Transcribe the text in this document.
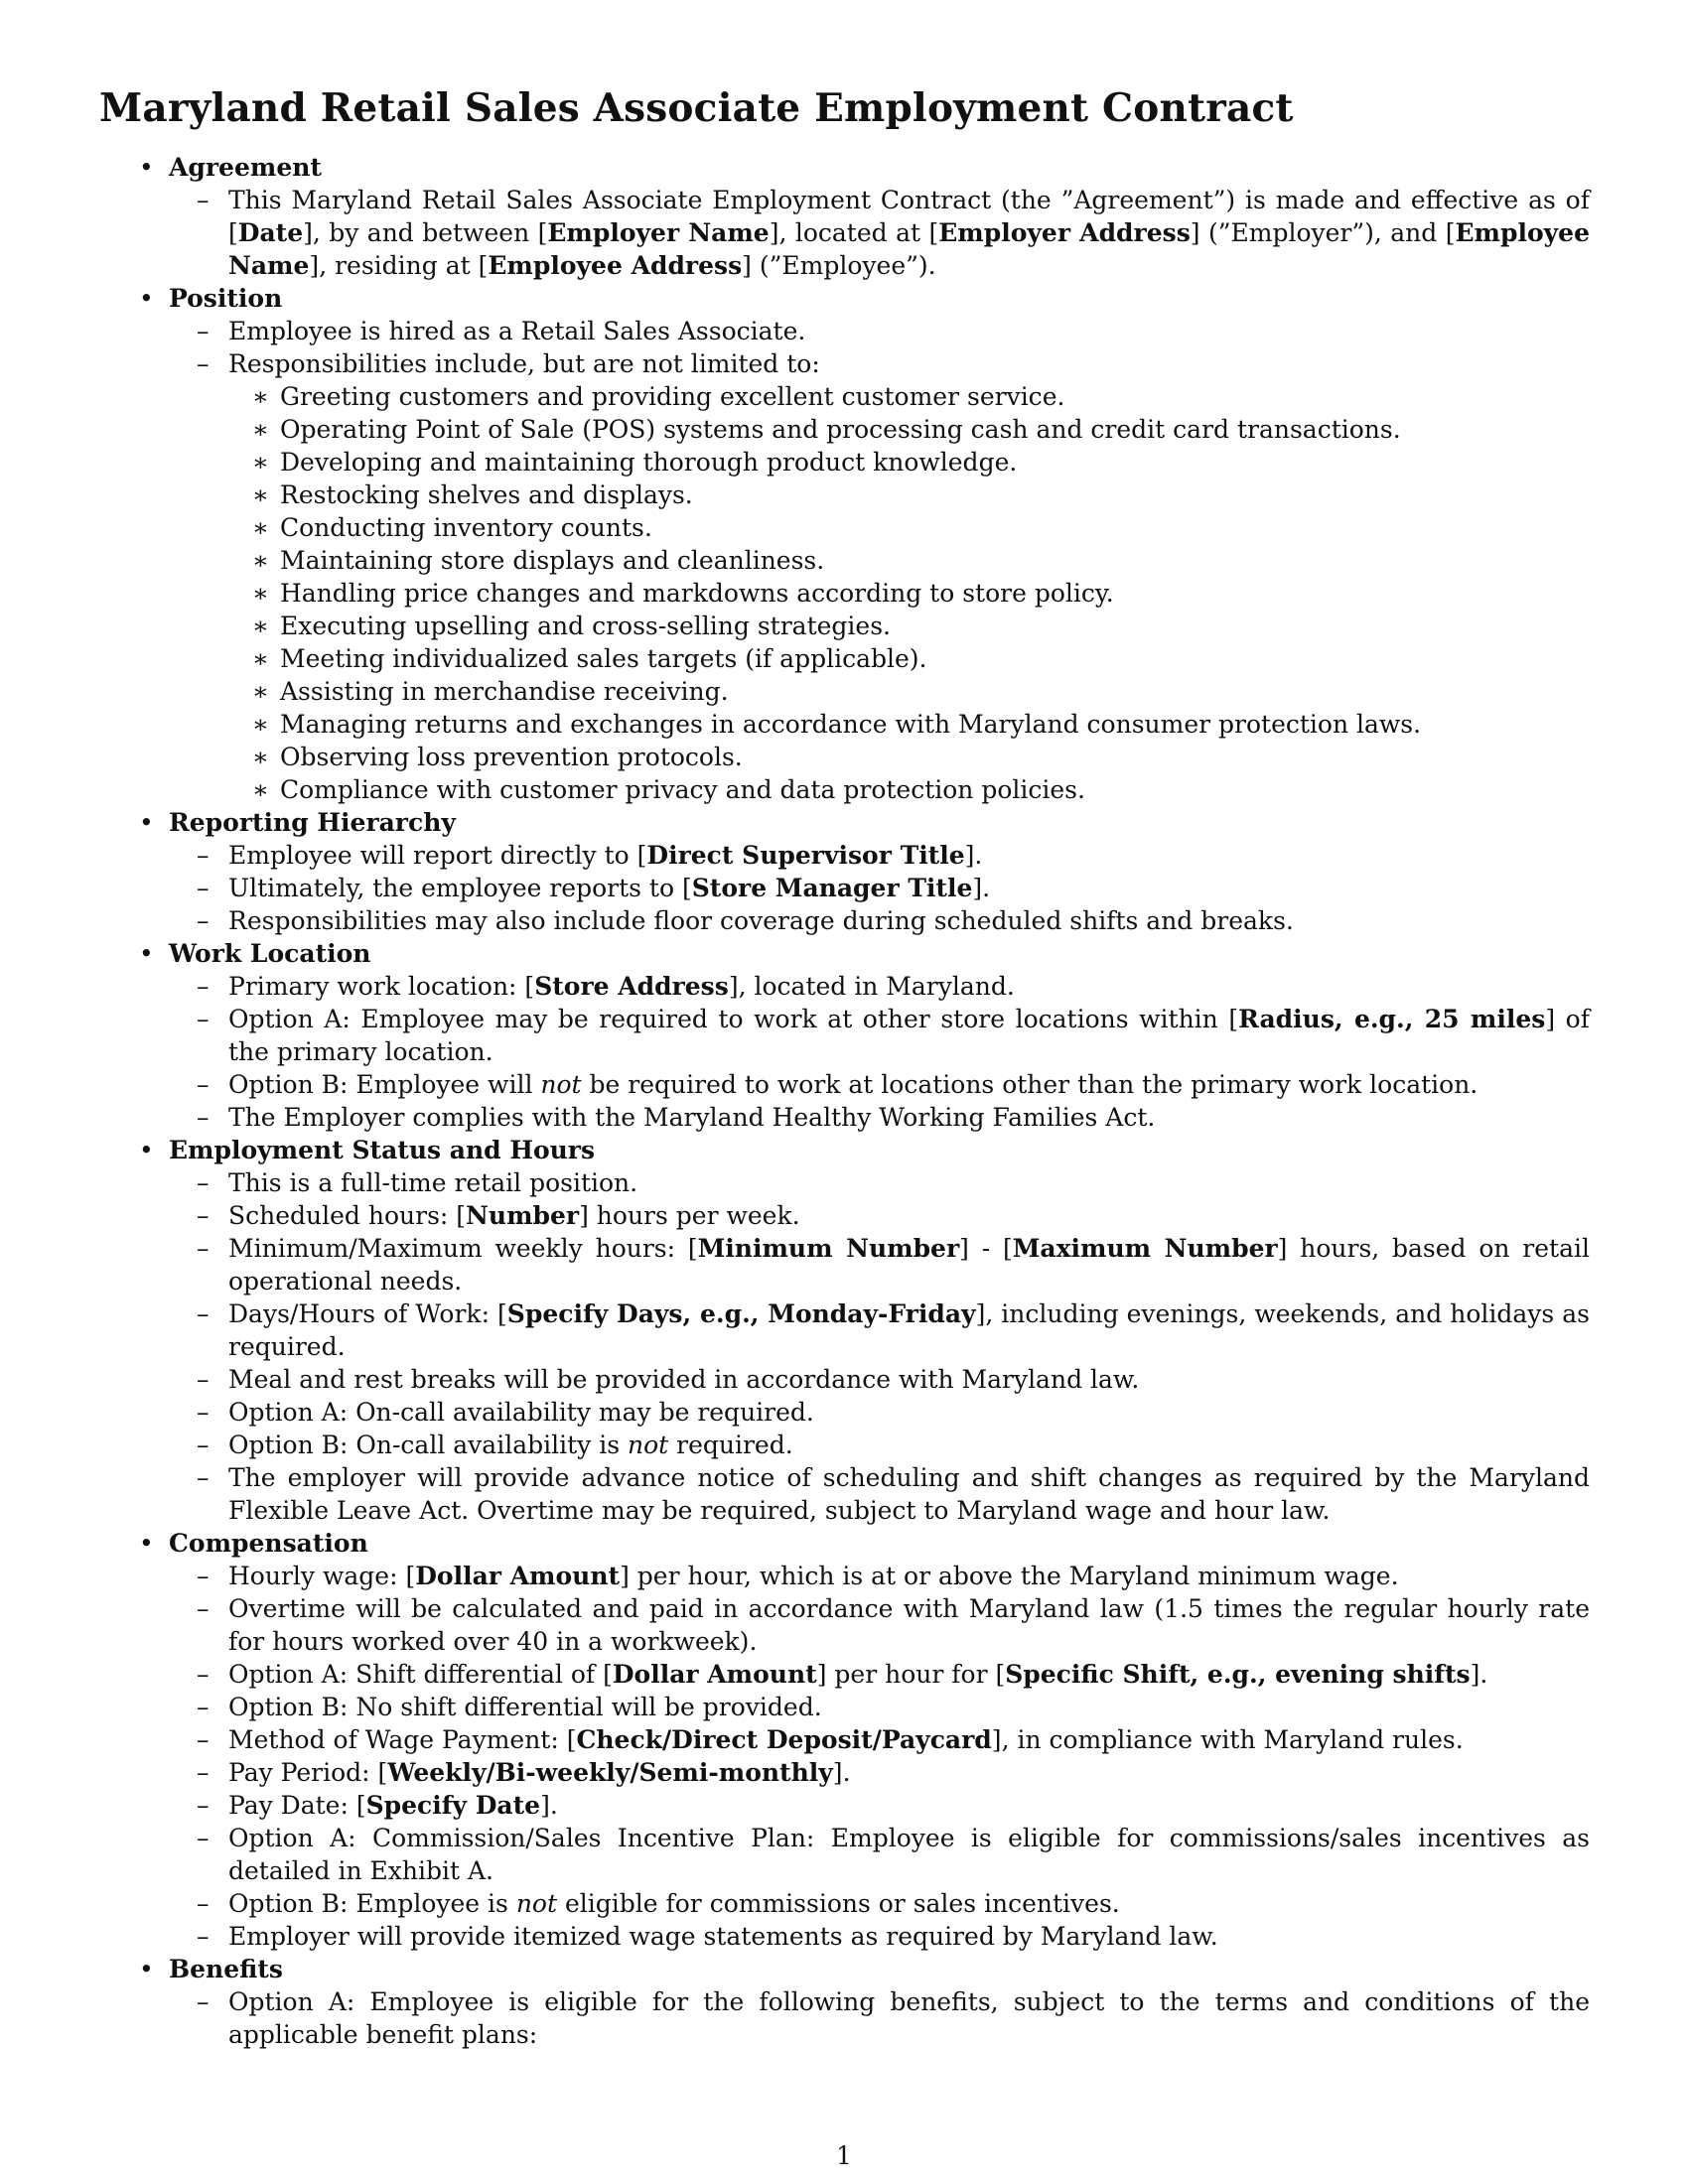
Maryland Retail Sales Associate Employment Contract
• Agreement
– This Maryland Retail Sales Associate Employment Contract (the ”Agreement”) is made and effective as of [Date], by and between [Employer Name], located at [Employer Address] (”Employer”), and [Employee Name], residing at [Employee Address] (”Employee”).
• Position
– Employee is hired as a Retail Sales Associate.
– Responsibilities include, but are not limited to:
∗ Greeting customers and providing excellent customer service.
∗ Operating Point of Sale (POS) systems and processing cash and credit card transactions.
∗ Developing and maintaining thorough product knowledge.
∗ Restocking shelves and displays.
∗ Conducting inventory counts.
∗ Maintaining store displays and cleanliness.
∗ Handling price changes and markdowns according to store policy.
∗ Executing upselling and cross-selling strategies.
∗ Meeting individualized sales targets (if applicable).
∗ Assisting in merchandise receiving.
∗ Managing returns and exchanges in accordance with Maryland consumer protection laws.
∗ Observing loss prevention protocols.
∗ Compliance with customer privacy and data protection policies.
• Reporting Hierarchy
– Employee will report directly to [Direct Supervisor Title].
– Ultimately, the employee reports to [Store Manager Title].
– Responsibilities may also include floor coverage during scheduled shifts and breaks.
• Work Location
– Primary work location: [Store Address], located in Maryland.
– Option A: Employee may be required to work at other store locations within [Radius, e.g., 25 miles] of the primary location.
– Option B: Employee will not be required to work at locations other than the primary work location.
– The Employer complies with the Maryland Healthy Working Families Act.
• Employment Status and Hours
– This is a full-time retail position.
– Scheduled hours: [Number] hours per week.
– Minimum/Maximum weekly hours: [Minimum Number] - [Maximum Number] hours, based on retail operational needs.
– Days/Hours of Work: [Specify Days, e.g., Monday-Friday], including evenings, weekends, and holidays as required.
– Meal and rest breaks will be provided in accordance with Maryland law.
– Option A: On-call availability may be required.
– Option B: On-call availability is not required.
– The employer will provide advance notice of scheduling and shift changes as required by the Maryland Flexible Leave Act. Overtime may be required, subject to Maryland wage and hour law.
• Compensation
– Hourly wage: [Dollar Amount] per hour, which is at or above the Maryland minimum wage.
– Overtime will be calculated and paid in accordance with Maryland law (1.5 times the regular hourly rate for hours worked over 40 in a workweek).
– Option A: Shift differential of [Dollar Amount] per hour for [Specific Shift, e.g., evening shifts].
– Option B: No shift differential will be provided.
– Method of Wage Payment: [Check/Direct Deposit/Paycard], in compliance with Maryland rules.
– Pay Period: [Weekly/Bi-weekly/Semi-monthly].
– Pay Date: [Specify Date].
– Option A: Commission/Sales Incentive Plan: Employee is eligible for commissions/sales incentives as detailed in Exhibit A.
– Option B: Employee is not eligible for commissions or sales incentives.
– Employer will provide itemized wage statements as required by Maryland law.
• Benefits
– Option A: Employee is eligible for the following benefits, subject to the terms and conditions of the applicable benefit plans:
1
